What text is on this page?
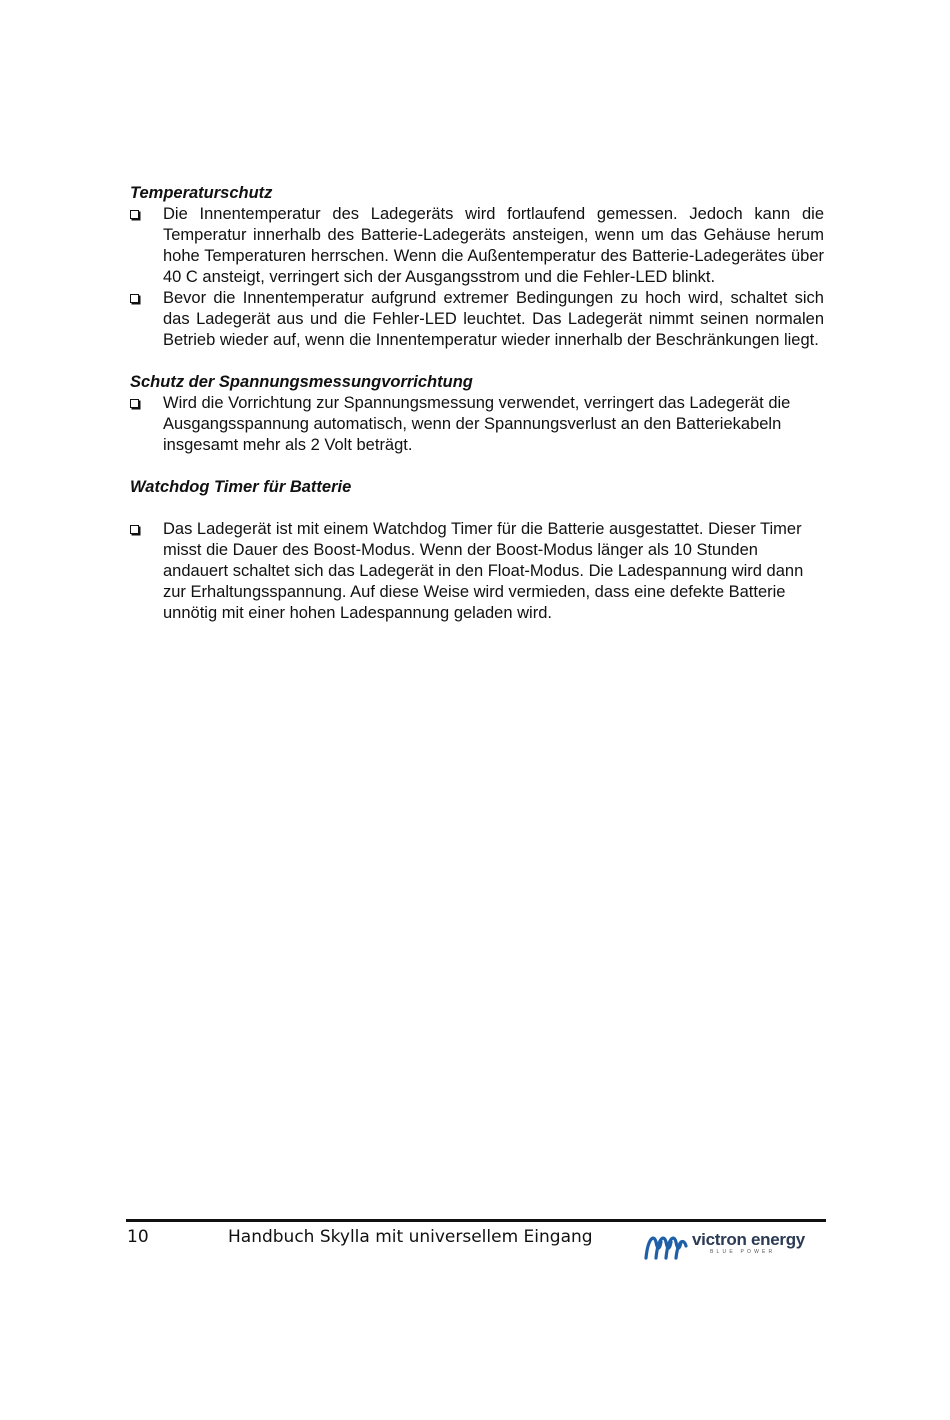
Temperaturschutz
Die Innentemperatur des Ladegeräts wird fortlaufend gemessen. Jedoch kann die Temperatur innerhalb des Batterie-Ladegeräts ansteigen, wenn um das Gehäuse herum hohe Temperaturen herrschen. Wenn die Außentemperatur des Batterie-Ladegerätes über 40 C ansteigt, verringert sich der Ausgangsstrom und die Fehler-LED blinkt.
Bevor die Innentemperatur aufgrund extremer Bedingungen zu hoch wird, schaltet sich das Ladegerät aus und die Fehler-LED leuchtet. Das Ladegerät nimmt seinen normalen Betrieb wieder auf, wenn die Innentemperatur wieder innerhalb der Beschränkungen liegt.
Schutz der Spannungsmessungvorrichtung
Wird die Vorrichtung zur Spannungsmessung verwendet, verringert das Ladegerät die Ausgangsspannung automatisch, wenn der Spannungsverlust an den Batteriekabeln insgesamt mehr als 2 Volt beträgt.
Watchdog Timer für Batterie
Das Ladegerät ist mit einem Watchdog Timer für die Batterie ausgestattet. Dieser Timer misst die Dauer des Boost-Modus. Wenn der Boost-Modus länger als 10 Stunden andauert schaltet sich das Ladegerät in den Float-Modus. Die Ladespannung wird dann zur Erhaltungsspannung. Auf diese Weise wird vermieden, dass eine defekte Batterie unnötig mit einer hohen Ladespannung geladen wird.
10	Handbuch Skylla mit universellem Eingang	victron energy
BLUE POWER
